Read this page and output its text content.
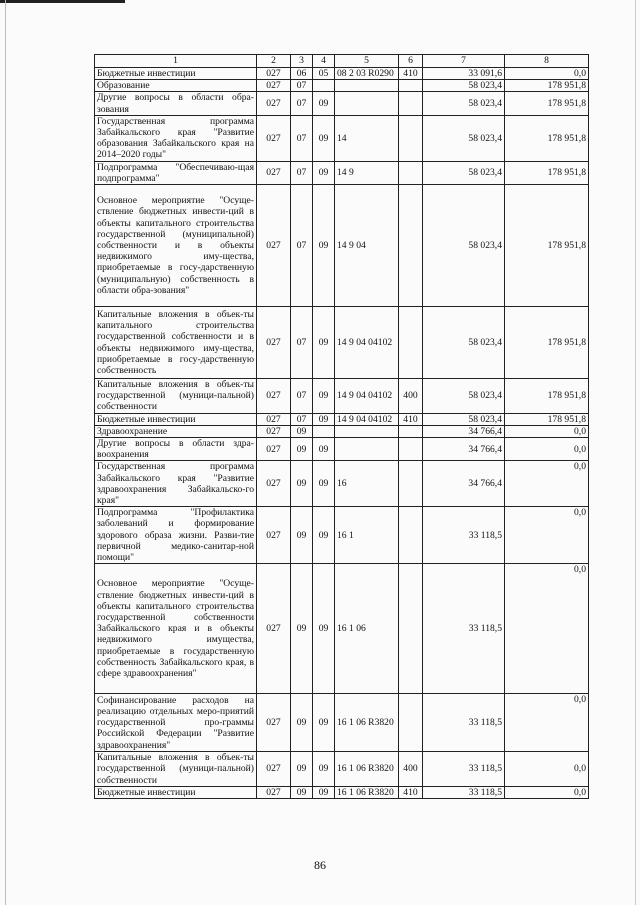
1	2	3	4	5	6	7	8
Бюджетные инвестиции	027	06	05	08 2 03 R0290	410	33 091,6	0,0
Образование	027	07				58 023,4	178 951,8
Другие вопросы в области обра-зования	027	07	09			58 023,4	178 951,8
Государственная программа Забайкальского края "Развитие образования Забайкальского края на 2014–2020 годы"	027	07	09	14		58 023,4	178 951,8
Подпрограмма "Обеспечиваю-щая подпрограмма"	027	07	09	14 9		58 023,4	178 951,8
Основное мероприятие "Осуще-ствление бюджетных инвести-ций в объекты капитального строительства государственной (муниципальной) собственности и в объекты недвижимого иму-щества, приобретаемые в госу-дарственную (муниципальную) собственность в области обра-зования"	027	07	09	14 9 04		58 023,4	178 951,8
Капитальные вложения в объек-ты капитального строительства государственной собственности и в объекты недвижимого иму-щества, приобретаемые в госу-дарственную собственность	027	07	09	14 9 04 04102		58 023,4	178 951,8
Капитальные вложения в объек-ты государственной (муници-пальной) собственности	027	07	09	14 9 04 04102	400	58 023,4	178 951,8
Бюджетные инвестиции	027	07	09	14 9 04 04102	410	58 023,4	178 951,8
Здравоохранение	027	09				34 766,4	0,0
Другие вопросы в области здра-воохранения	027	09	09			34 766,4	0,0
Государственная программа Забайкальского края "Развитие здравоохранения Забайкальско-го края"	027	09	09	16		34 766,4	0,0
Подпрограмма "Профилактика заболеваний и формирование здорового образа жизни. Разви-тие первичной медико-санитар-ной помощи"	027	09	09	16 1		33 118,5	0,0
Основное мероприятие "Осуще-ствление бюджетных инвести-ций в объекты капитального строительства государственной собственности Забайкальского края и в объекты недвижимого имущества, приобретаемые в государственную собственность Забайкальского края, в сфере здравоохранения"	027	09	09	16 1 06		33 118,5	0,0
Софинансирование расходов на реализацию отдельных меро-приятий государственной про-граммы Российской Федерации "Развитие здравоохранения"	027	09	09	16 1 06 R3820		33 118,5	0,0
Капитальные вложения в объек-ты государственной (муници-пальной) собственности	027	09	09	16 1 06 R3820	400	33 118,5	0,0
Бюджетные инвестиции	027	09	09	16 1 06 R3820	410	33 118,5	0,0
86
